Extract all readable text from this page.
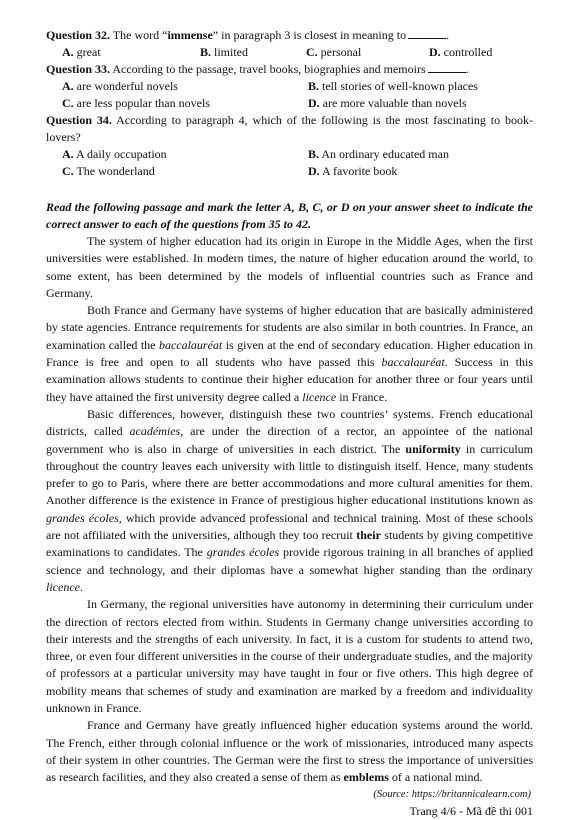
Question 32. The word “immense” in paragraph 3 is closest in meaning to	.
A. great	B. limited	C. personal	D. controlled
Question 33. According to the passage, travel books, biographies and memoirs	.
A. are wonderful novels	B. tell stories of well-known places
C. are less popular than novels	D. are more valuable than novels
Question 34. According to paragraph 4, which of the following is the most fascinating to book-lovers?
A. A daily occupation	B. An ordinary educated man
C. The wonderland	D. A favorite book
Read the following passage and mark the letter A, B, C, or D on your answer sheet to indicate the correct answer to each of the questions from 35 to 42.
The system of higher education had its origin in Europe in the Middle Ages, when the first universities were established. In modern times, the nature of higher education around the world, to some extent, has been determined by the models of influential countries such as France and Germany.
Both France and Germany have systems of higher education that are basically administered by state agencies. Entrance requirements for students are also similar in both countries. In France, an examination called the baccalauréat is given at the end of secondary education. Higher education in France is free and open to all students who have passed this baccalauréat. Success in this examination allows students to continue their higher education for another three or four years until they have attained the first university degree called a licence in France.
Basic differences, however, distinguish these two countries’ systems. French educational districts, called académies, are under the direction of a rector, an appointee of the national government who is also in charge of universities in each district. The uniformity in curriculum throughout the country leaves each university with little to distinguish itself. Hence, many students prefer to go to Paris, where there are better accommodations and more cultural amenities for them. Another difference is the existence in France of prestigious higher educational institutions known as grandes écoles, which provide advanced professional and technical training. Most of these schools are not affiliated with the universities, although they too recruit their students by giving competitive examinations to candidates. The grandes écoles provide rigorous training in all branches of applied science and technology, and their diplomas have a somewhat higher standing than the ordinary licence.
In Germany, the regional universities have autonomy in determining their curriculum under the direction of rectors elected from within. Students in Germany change universities according to their interests and the strengths of each university. In fact, it is a custom for students to attend two, three, or even four different universities in the course of their undergraduate studies, and the majority of professors at a particular university may have taught in four or five others. This high degree of mobility means that schemes of study and examination are marked by a freedom and individuality unknown in France.
France and Germany have greatly influenced higher education systems around the world. The French, either through colonial influence or the work of missionaries, introduced many aspects of their system in other countries. The German were the first to stress the importance of universities as research facilities, and they also created a sense of them as emblems of a national mind.
(Source: https://britannicalearn.com)
Trang 4/6 - Mã đề thi 001
